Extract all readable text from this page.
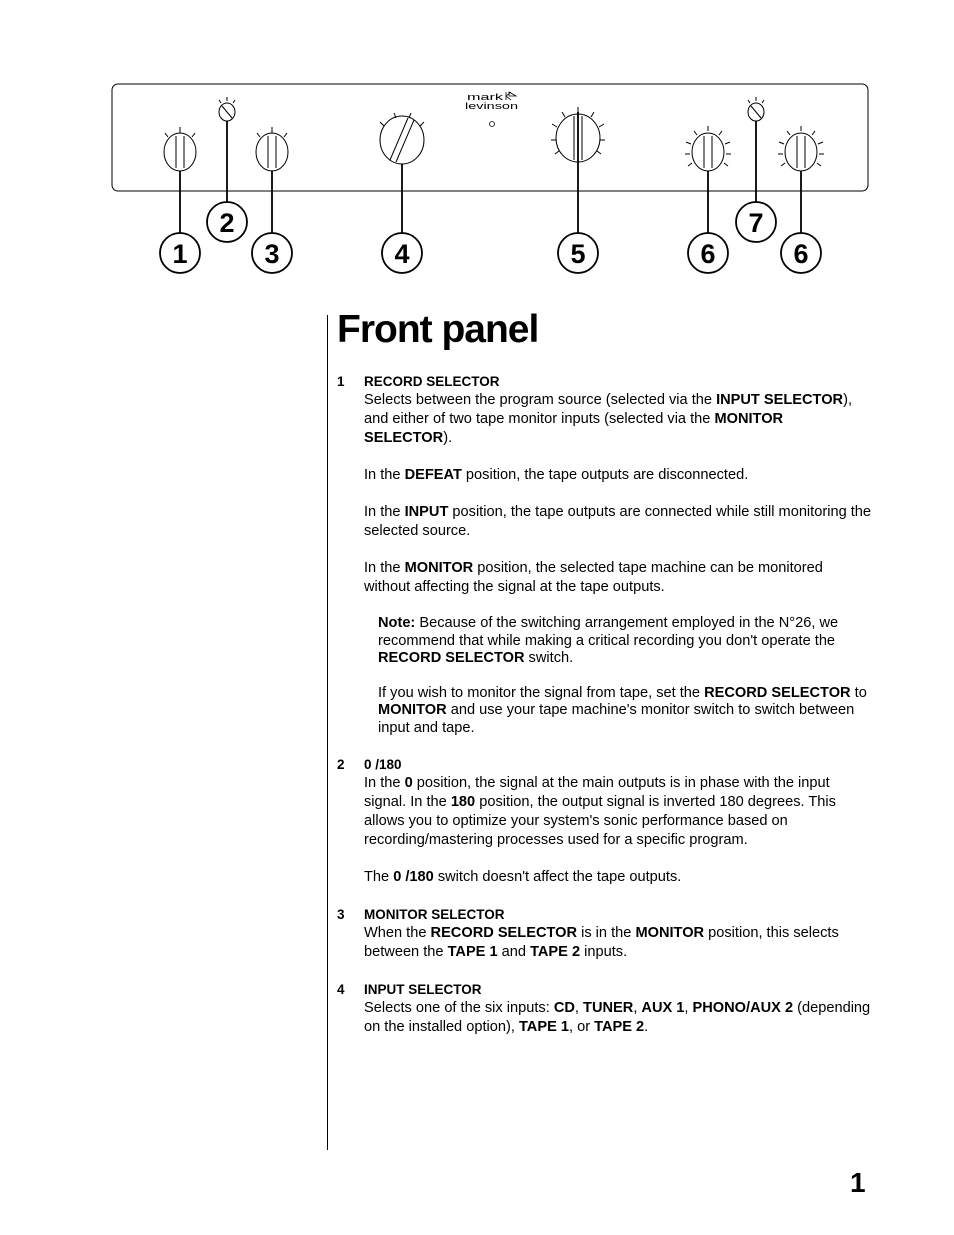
mark
levinson
1
2
3	4	5	6
7
6
Front panel
1 RECORD SELECTOR

Selects between the program source (selected via the INPUT SELECTOR), and either of two tape monitor inputs (selected via the MONITOR SELECTOR).

In the DEFEAT position, the tape outputs are disconnected.

In the INPUT position, the tape outputs are connected while still monitoring the selected source.

In the MONITOR position, the selected tape machine can be monitored without affecting the signal at the tape outputs.

Note: Because of the switching arrangement employed in the N°26, we recommend that while making a critical recording you don't operate the RECORD SELECTOR switch.

If you wish to monitor the signal from tape, set the RECORD SELECTOR to MONITOR and use your tape machine's monitor switch to switch between input and tape.

2 0 /180

In the 0 position, the signal at the main outputs is in phase with the input signal. In the 180 position, the output signal is inverted 180 degrees. This allows you to optimize your system's sonic performance based on recording/mastering processes used for a specific program.

The 0 /180 switch doesn't affect the tape outputs.

3 MONITOR SELECTOR

When the RECORD SELECTOR is in the MONITOR position, this selects between the TAPE 1 and TAPE 2 inputs.

4 INPUT SELECTOR

Selects one of the six inputs: CD, TUNER, AUX 1, PHONO/AUX 2 (depending on the installed option), TAPE 1, or TAPE 2.

1
